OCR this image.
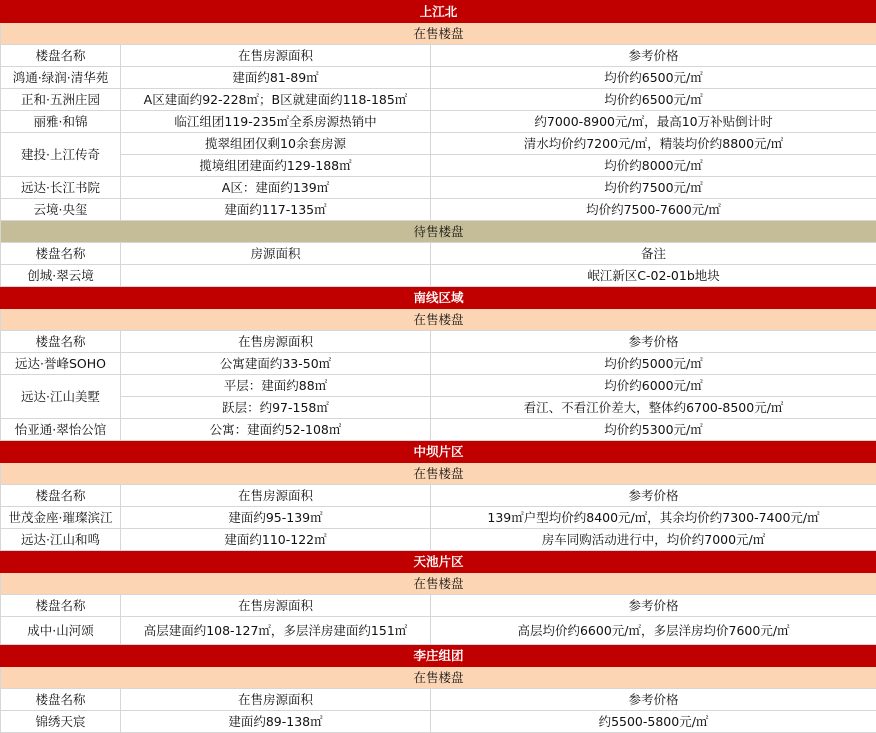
上江北		
在售楼盘		
楼盘名称	在售房源面积	参考价格
鸿通·绿润·清华苑	建面约81-89㎡	均价约6500元/㎡
正和·五洲庄园	A区建面约92-228㎡；B区就建面约118-185㎡	均价约6500元/㎡
丽雅·和锦	临江组团119-235㎡全系房源热销中	约7000-8900元/㎡，最高10万补贴倒计时
建投·上江传奇	揽翠组团仅剩10余套房源	清水均价约7200元/㎡，精装均价约8800元/㎡
	揽境组团建面约129-188㎡	均价约8000元/㎡
远达·长江书院	A区：建面约139㎡	均价约7500元/㎡
云境·央玺	建面约117-135㎡	均价约7500-7600元/㎡
待售楼盘		
楼盘名称	房源面积	备注
创城·翠云境		岷江新区C-02-01b地块
南线区域		
在售楼盘		
楼盘名称	在售房源面积	参考价格
远达·誉峰SOHO	公寓建面约33-50㎡	均价约5000元/㎡
远达·江山美墅	平层：建面约88㎡	均价约6000元/㎡
	跃层：约97-158㎡	看江、不看江价差大，整体约6700-8500元/㎡
怡亚通·翠怡公馆	公寓：建面约52-108㎡	均价约5300元/㎡
中坝片区		
在售楼盘		
楼盘名称	在售房源面积	参考价格
世茂金座·璀璨滨江	建面约95-139㎡	139㎡户型均价约8400元/㎡，其余均价约7300-7400元/㎡
远达·江山和鸣	建面约110-122㎡	房车同购活动进行中，均价约7000元/㎡
天池片区		
在售楼盘		
楼盘名称	在售房源面积	参考价格
成中·山河颂	高层建面约108-127㎡，多层洋房建面约151㎡	高层均价约6600元/㎡，多层洋房均价7600元/㎡
李庄组团		
在售楼盘		
楼盘名称	在售房源面积	参考价格
锦绣天宸	建面约89-138㎡	约5500-5800元/㎡
